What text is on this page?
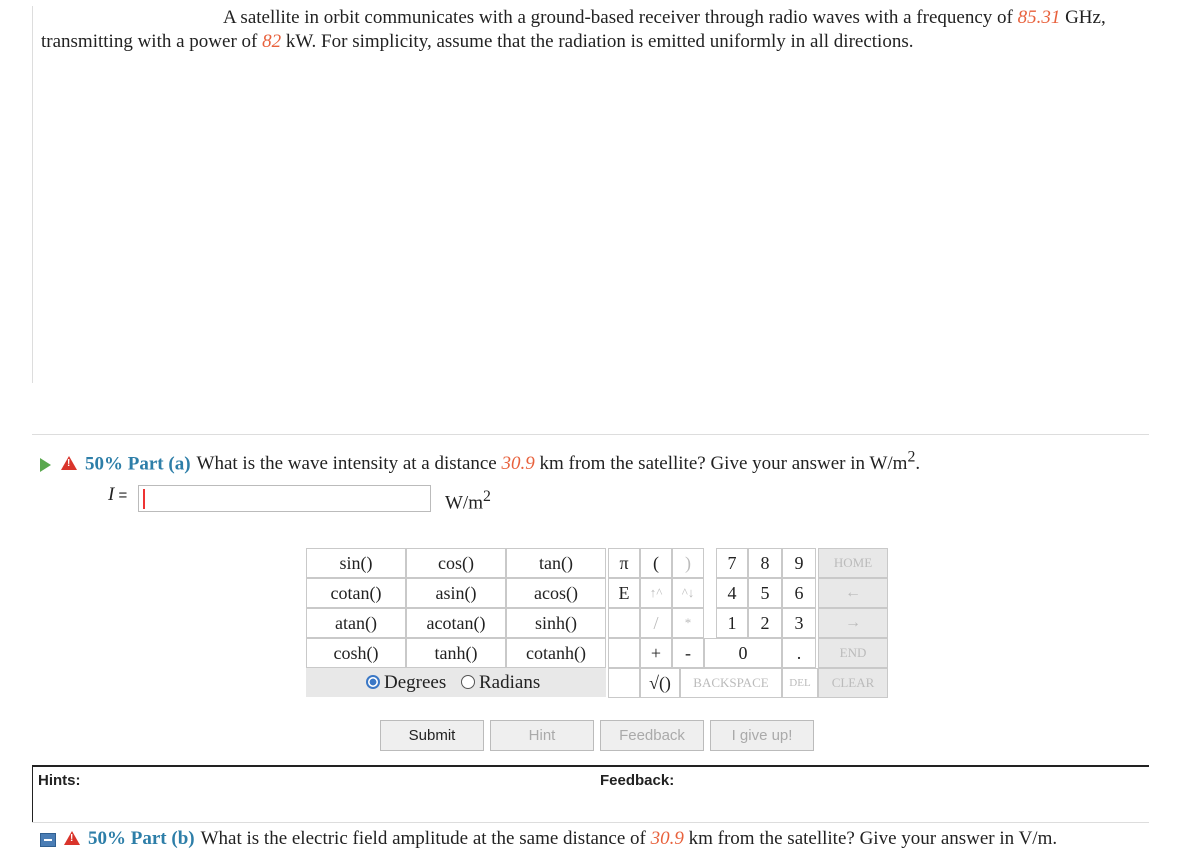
A satellite in orbit communicates with a ground-based receiver through radio waves with a frequency of 85.31 GHz,
transmitting with a power of 82 kW. For simplicity, assume that the radiation is emitted uniformly in all directions.
!50% Part (a) What is the wave intensity at a distance 30.9 km from the satellite? Give your answer in $W/m^2$.
I =	$W/m^2$
sin()	cos()	tan()
cotan()	asin()	acos()
atan()	acotan()	sinh()
cosh()	tanh()	cotanh()
Degrees Radians
π	(	)
E	↑^	^↓
/	*
+	-
√()	BACKSPACE
7	8	9
4	5	6
1	2	3
0	.
DEL
HOME
←
→
END
CLEAR
Submit	Hint	Feedback	I give up!
Hints:	Feedback:
!50% Part (b) What is the electric field amplitude at the same distance of 30.9 km from the satellite? Give your answer in V/m.
